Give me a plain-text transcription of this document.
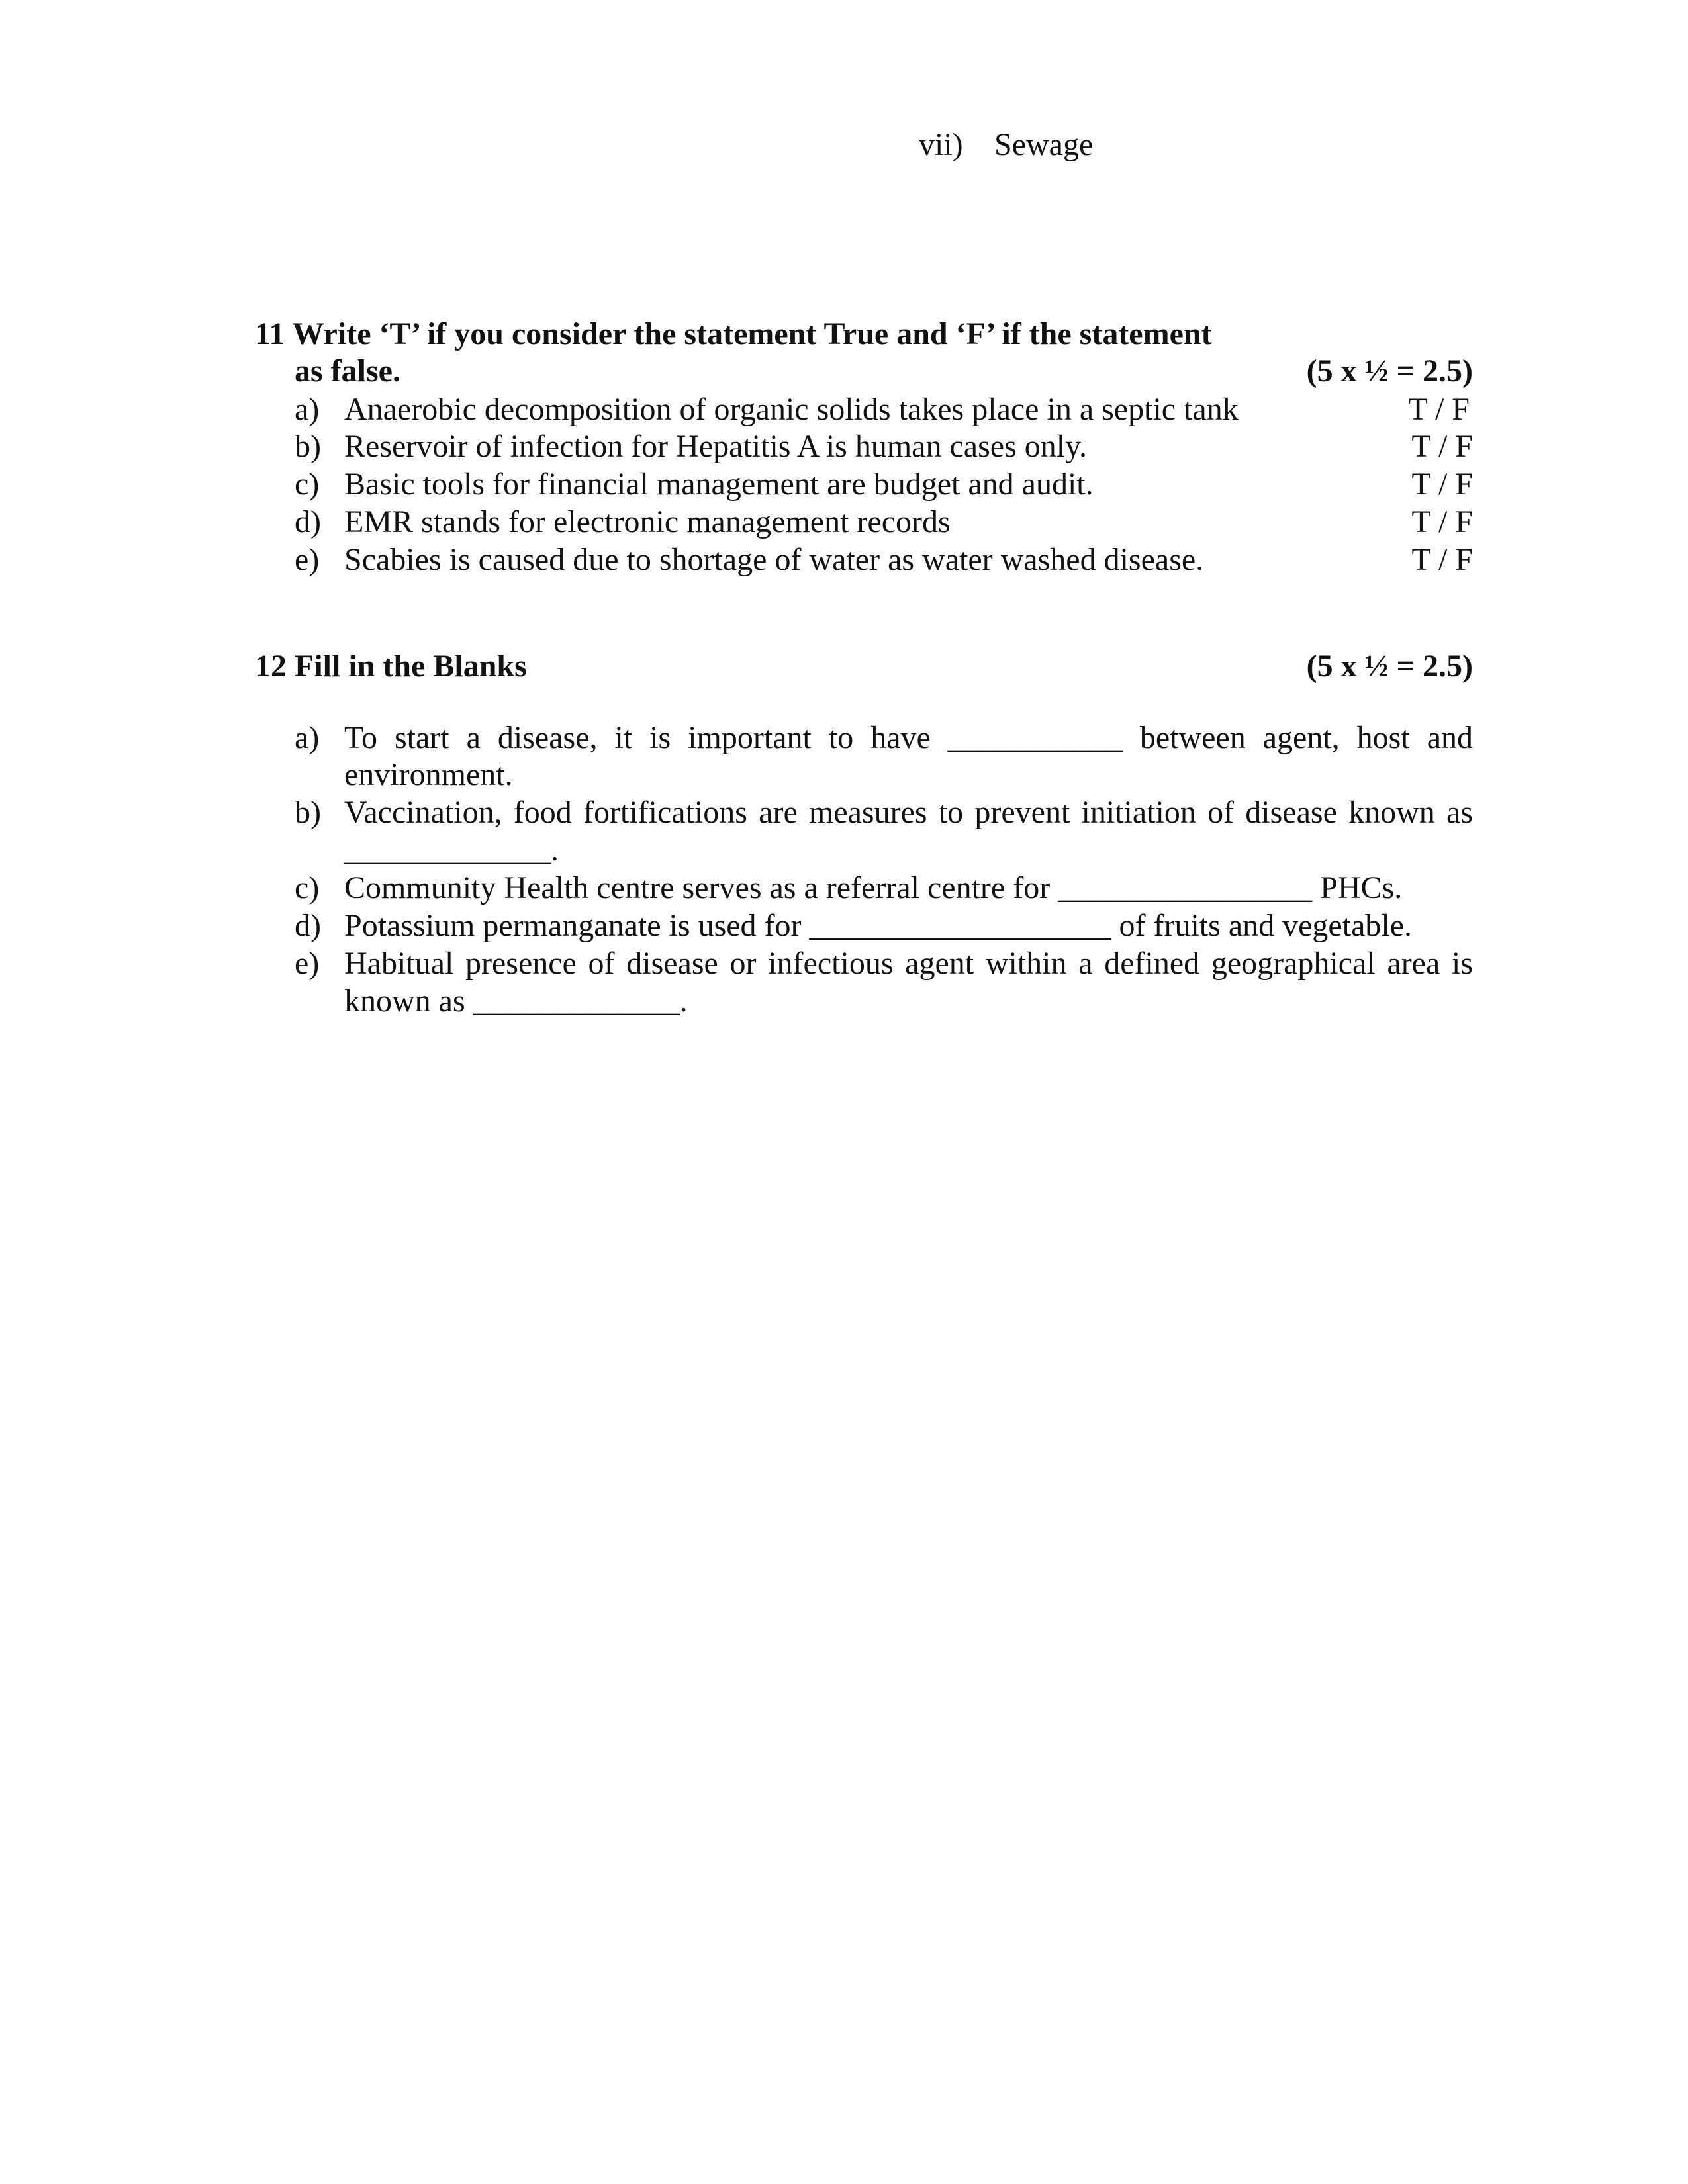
vii) Sewage
11 Write ‘T’ if you consider the statement True and ‘F’ if the statement
as false.	(5 x ½ = 2.5)
a) Anaerobic decomposition of organic solids takes place in a septic tank	T / F
b) Reservoir of infection for Hepatitis A is human cases only.	T / F
c) Basic tools for financial management are budget and audit.	T / F
d) EMR stands for electronic management records	T / F
e) Scabies is caused due to shortage of water as water washed disease.	T / F
12 Fill in the Blanks	(5 x ½ = 2.5)
a) To start a disease, it is important to have ___________ between agent, host and
environment.
b) Vaccination, food fortifications are measures to prevent initiation of disease known as
_____________.
c) Community Health centre serves as a referral centre for ________________ PHCs.
d) Potassium permanganate is used for ___________________ of fruits and vegetable.
e) Habitual presence of disease or infectious agent within a defined geographical area is
known as _____________.
